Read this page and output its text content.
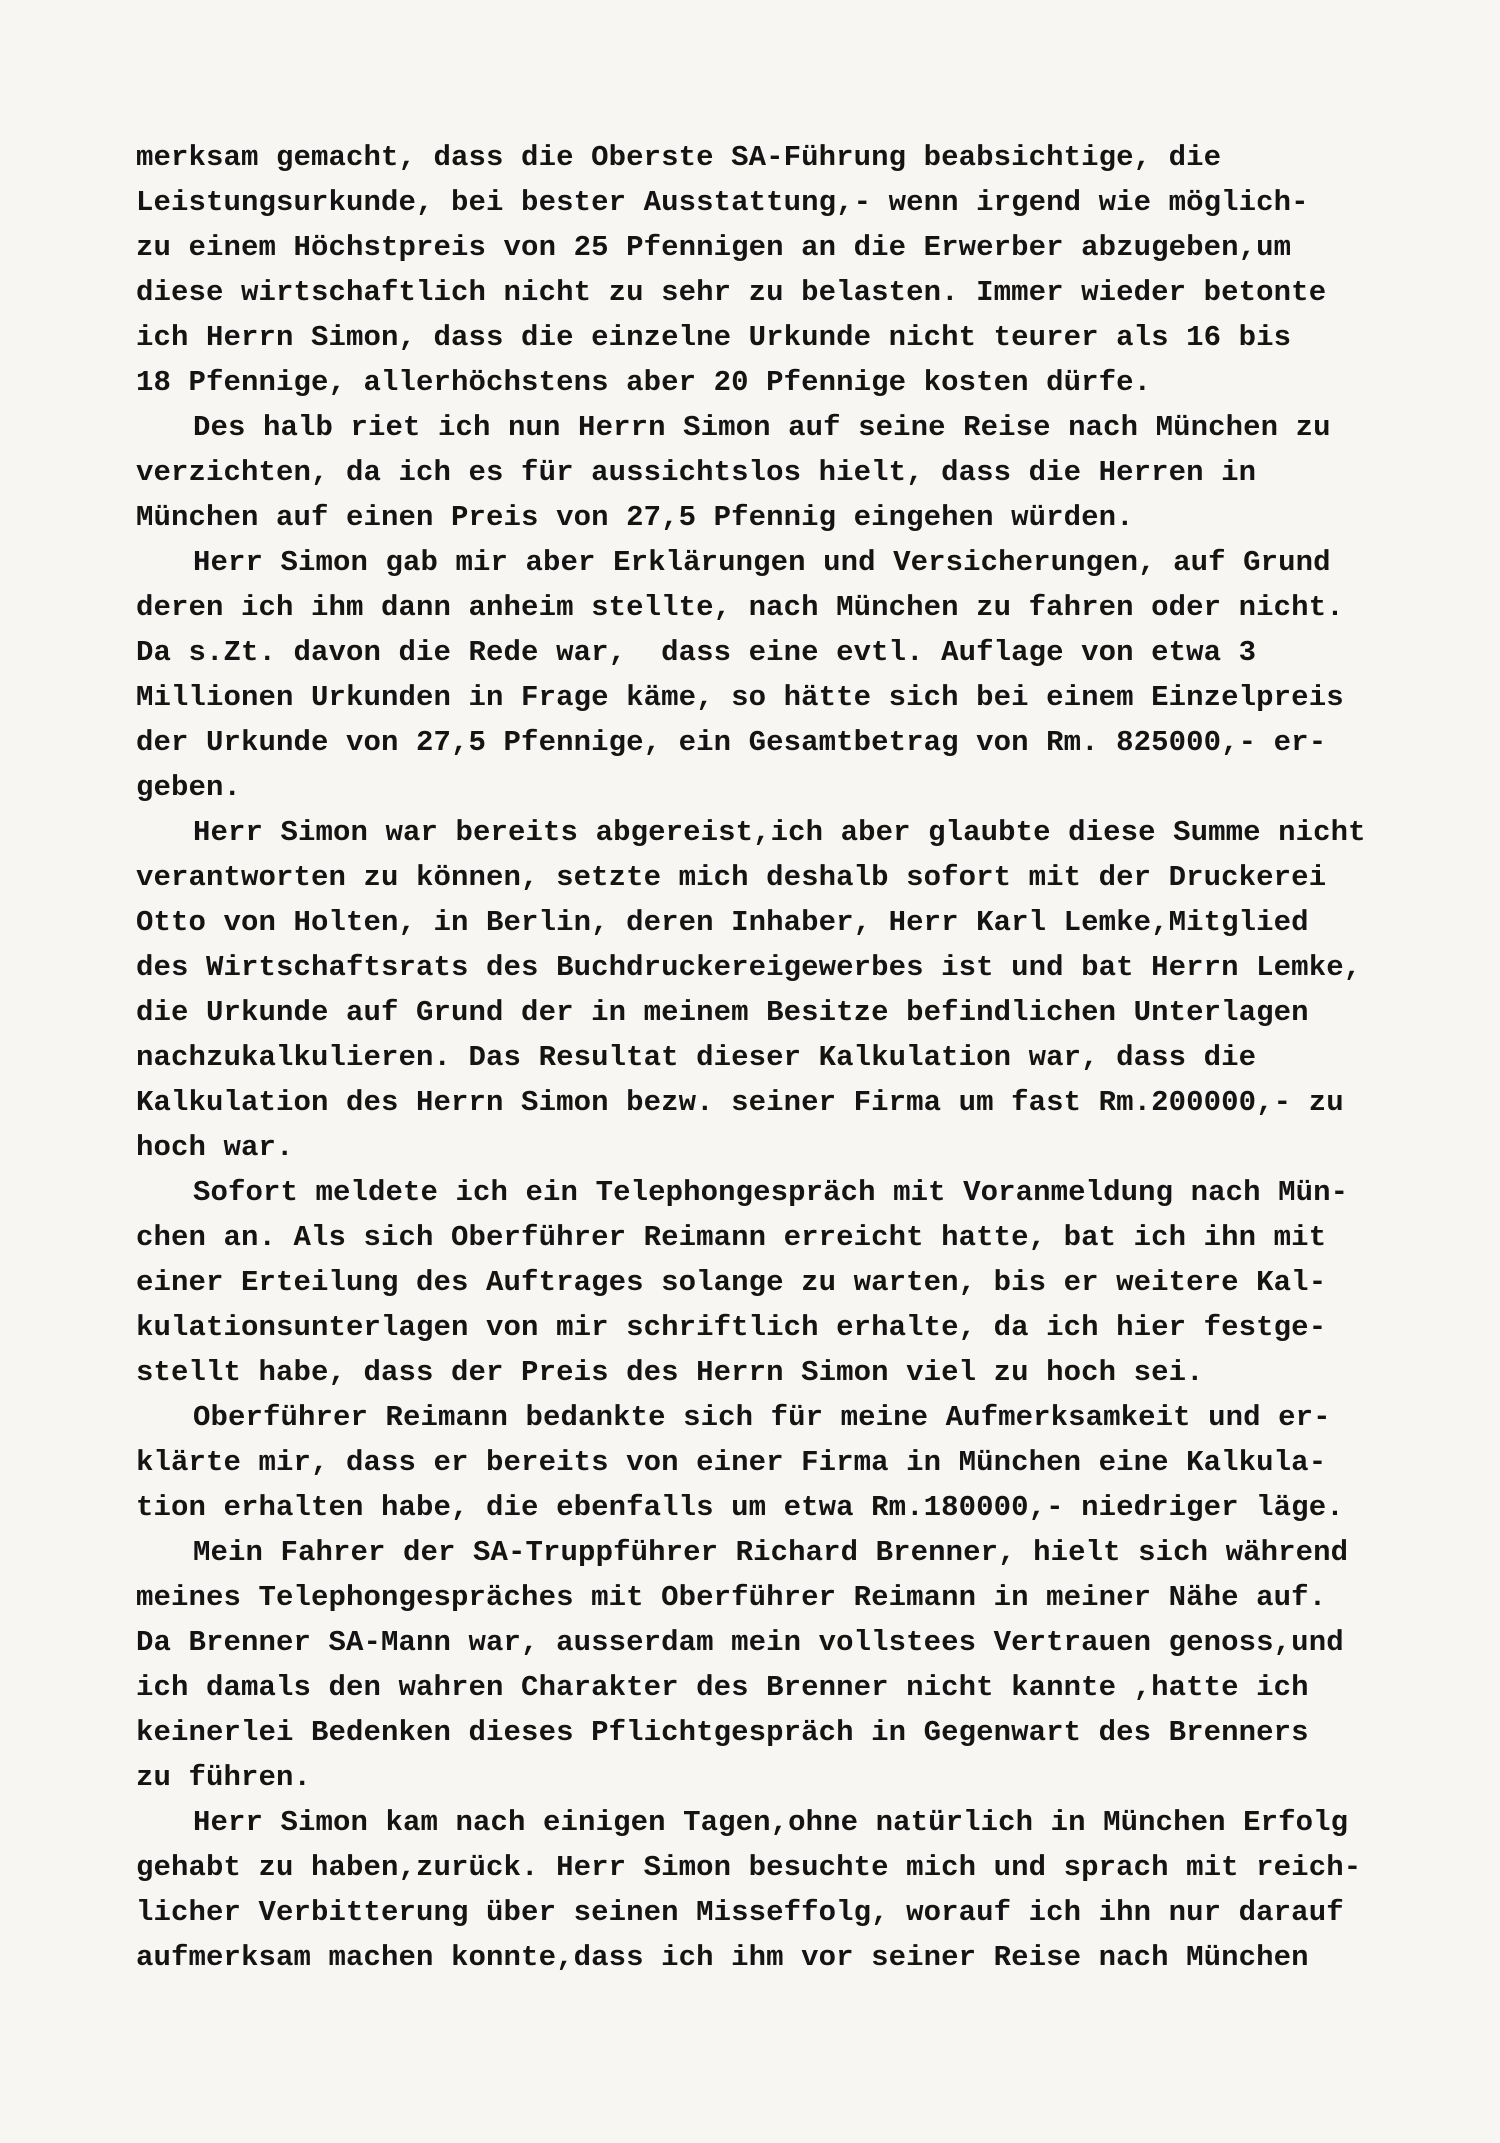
merksam gemacht, dass die Oberste SA-Führung beabsichtige, die
Leistungsurkunde, bei bester Ausstattung,- wenn irgend wie möglich-
zu einem Höchstpreis von 25 Pfennigen an die Erwerber abzugeben,um
diese wirtschaftlich nicht zu sehr zu belasten. Immer wieder betonte
ich Herrn Simon, dass die einzelne Urkunde nicht teurer als 16 bis
18 Pfennige, allerhöchstens aber 20 Pfennige kosten dürfe.
Des halb riet ich nun Herrn Simon auf seine Reise nach München zu
verzichten, da ich es für aussichtslos hielt, dass die Herren in
München auf einen Preis von 27,5 Pfennig eingehen würden.
Herr Simon gab mir aber Erklärungen und Versicherungen, auf Grund
deren ich ihm dann anheim stellte, nach München zu fahren oder nicht.
Da s.Zt. davon die Rede war,  dass eine evtl. Auflage von etwa 3
Millionen Urkunden in Frage käme, so hätte sich bei einem Einzelpreis
der Urkunde von 27,5 Pfennige, ein Gesamtbetrag von Rm. 825000,- er-
geben.
Herr Simon war bereits abgereist,ich aber glaubte diese Summe nicht
verantworten zu können, setzte mich deshalb sofort mit der Druckerei
Otto von Holten, in Berlin, deren Inhaber, Herr Karl Lemke,Mitglied
des Wirtschaftsrats des Buchdruckereigewerbes ist und bat Herrn Lemke,
die Urkunde auf Grund der in meinem Besitze befindlichen Unterlagen
nachzukalkulieren. Das Resultat dieser Kalkulation war, dass die
Kalkulation des Herrn Simon bezw. seiner Firma um fast Rm.200000,- zu
hoch war.
Sofort meldete ich ein Telephongespräch mit Voranmeldung nach Mün-
chen an. Als sich Oberführer Reimann erreicht hatte, bat ich ihn mit
einer Erteilung des Auftrages solange zu warten, bis er weitere Kal-
kulationsunterlagen von mir schriftlich erhalte, da ich hier festge-
stellt habe, dass der Preis des Herrn Simon viel zu hoch sei.
Oberführer Reimann bedankte sich für meine Aufmerksamkeit und er-
klärte mir, dass er bereits von einer Firma in München eine Kalkula-
tion erhalten habe, die ebenfalls um etwa Rm.180000,- niedriger läge.
Mein Fahrer der SA-Truppführer Richard Brenner, hielt sich während
meines Telephongespräches mit Oberführer Reimann in meiner Nähe auf.
Da Brenner SA-Mann war, ausserdam mein vollstees Vertrauen genoss,und
ich damals den wahren Charakter des Brenner nicht kannte ,hatte ich
keinerlei Bedenken dieses Pflichtgespräch in Gegenwart des Brenners
zu führen.
Herr Simon kam nach einigen Tagen,ohne natürlich in München Erfolg
gehabt zu haben,zurück. Herr Simon besuchte mich und sprach mit reich-
licher Verbitterung über seinen Misseffolg, worauf ich ihn nur darauf
aufmerksam machen konnte,dass ich ihm vor seiner Reise nach München
